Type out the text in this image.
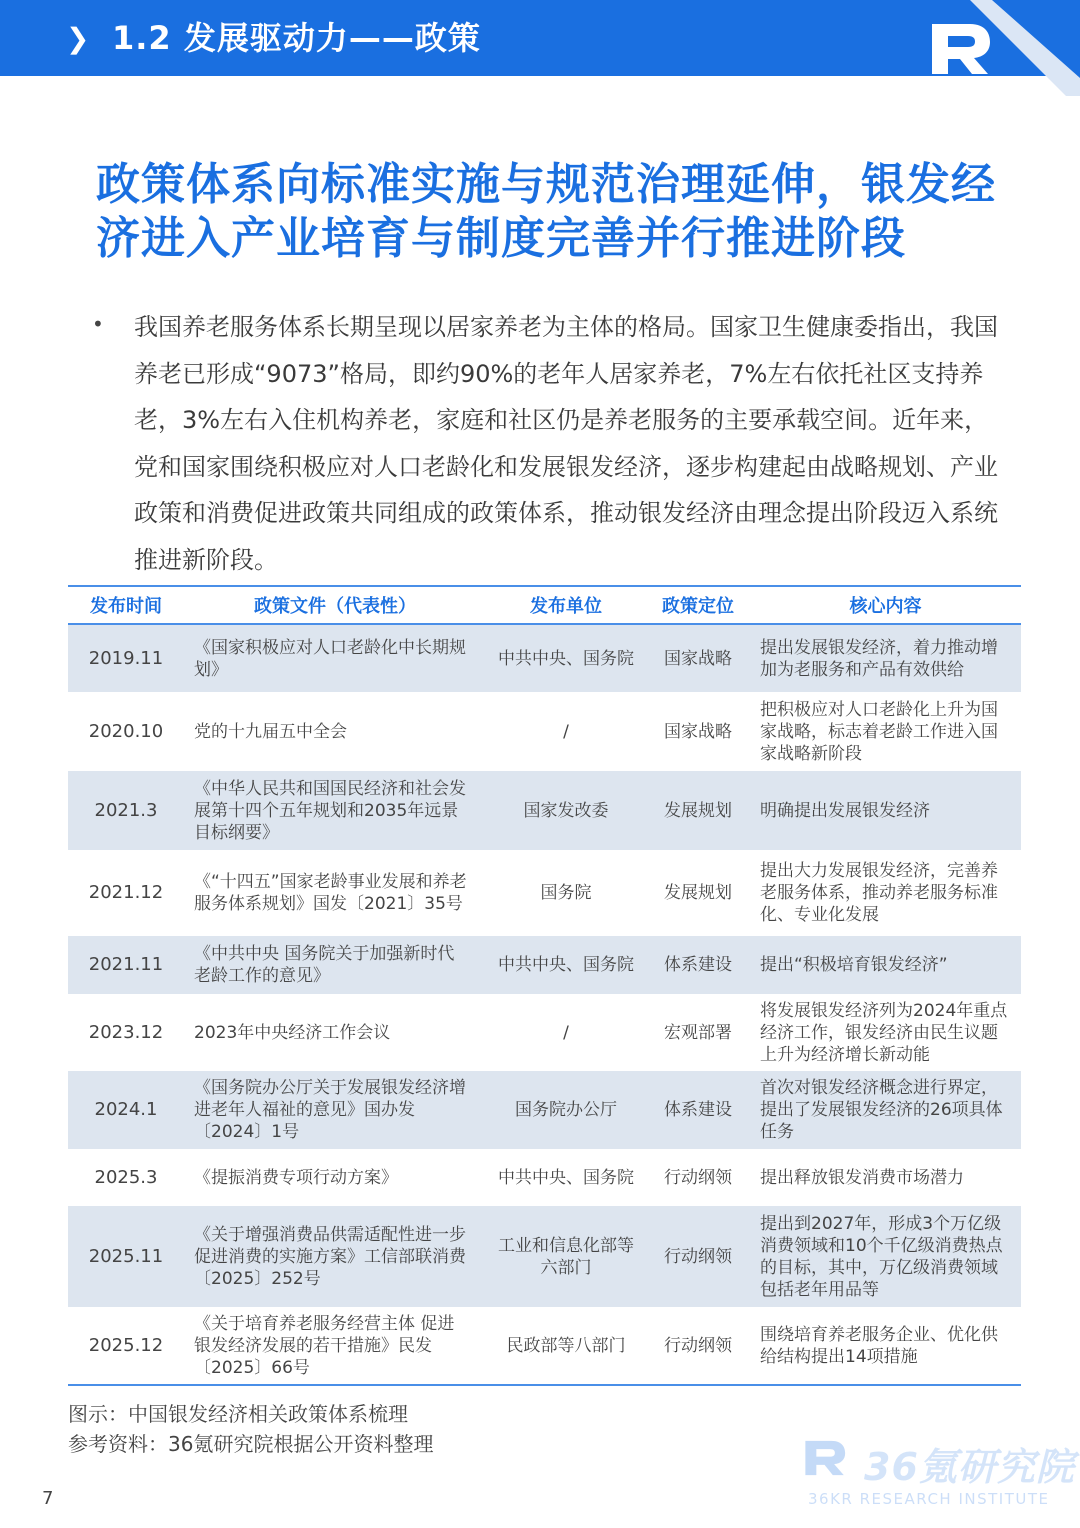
❯ 1.2 发展驱动力——政策
政策体系向标准实施与规范治理延伸，银发经济进入产业培育与制度完善并行推进阶段
• 我国养老服务体系长期呈现以居家养老为主体的格局。国家卫生健康委指出，我国养老已形成“9073”格局，即约90%的老年人居家养老，7%左右依托社区支持养老，3%左右入住机构养老，家庭和社区仍是养老服务的主要承载空间。近年来，党和国家围绕积极应对人口老龄化和发展银发经济，逐步构建起由战略规划、产业政策和消费促进政策共同组成的政策体系，推动银发经济由理念提出阶段迈入系统推进新阶段。

发布时间	政策文件（代表性）	发布单位	政策定位	核心内容
2019.11	《国家积极应对人口老龄化中长期规划》	中共中央、国务院	国家战略	提出发展银发经济，着力推动增加为老服务和产品有效供给
2020.10	党的十九届五中全会	/	国家战略	把积极应对人口老龄化上升为国家战略，标志着老龄工作进入国家战略新阶段
2021.3	《中华人民共和国国民经济和社会发展第十四个五年规划和2035年远景目标纲要》	国家发改委	发展规划	明确提出发展银发经济
2021.12	《“十四五”国家老龄事业发展和养老服务体系规划》国发〔2021〕35号	国务院	发展规划	提出大力发展银发经济，完善养老服务体系，推动养老服务标准化、专业化发展
2021.11	《中共中央 国务院关于加强新时代老龄工作的意见》	中共中央、国务院	体系建设	提出“积极培育银发经济”
2023.12	2023年中央经济工作会议	/	宏观部署	将发展银发经济列为2024年重点经济工作，银发经济由民生议题上升为经济增长新动能
2024.1	《国务院办公厅关于发展银发经济增进老年人福祉的意见》国办发〔2024〕1号	国务院办公厅	体系建设	首次对银发经济概念进行界定，提出了发展银发经济的26项具体任务
2025.3	《提振消费专项行动方案》	中共中央、国务院	行动纲领	提出释放银发消费市场潜力
2025.11	《关于增强消费品供需适配性进一步促进消费的实施方案》工信部联消费〔2025〕252号	工业和信息化部等六部门	行动纲领	提出到2027年，形成3个万亿级消费领域和10个千亿级消费热点的目标，其中，万亿级消费领域包括老年用品等
2025.12	《关于培育养老服务经营主体 促进银发经济发展的若干措施》民发〔2025〕66号	民政部等八部门	行动纲领	围绕培育养老服务企业、优化供给结构提出14项措施
图示：中国银发经济相关政策体系梳理
参考资料：36氪研究院根据公开资料整理
7
36氪研究院
36KR RESEARCH INSTITUTE
